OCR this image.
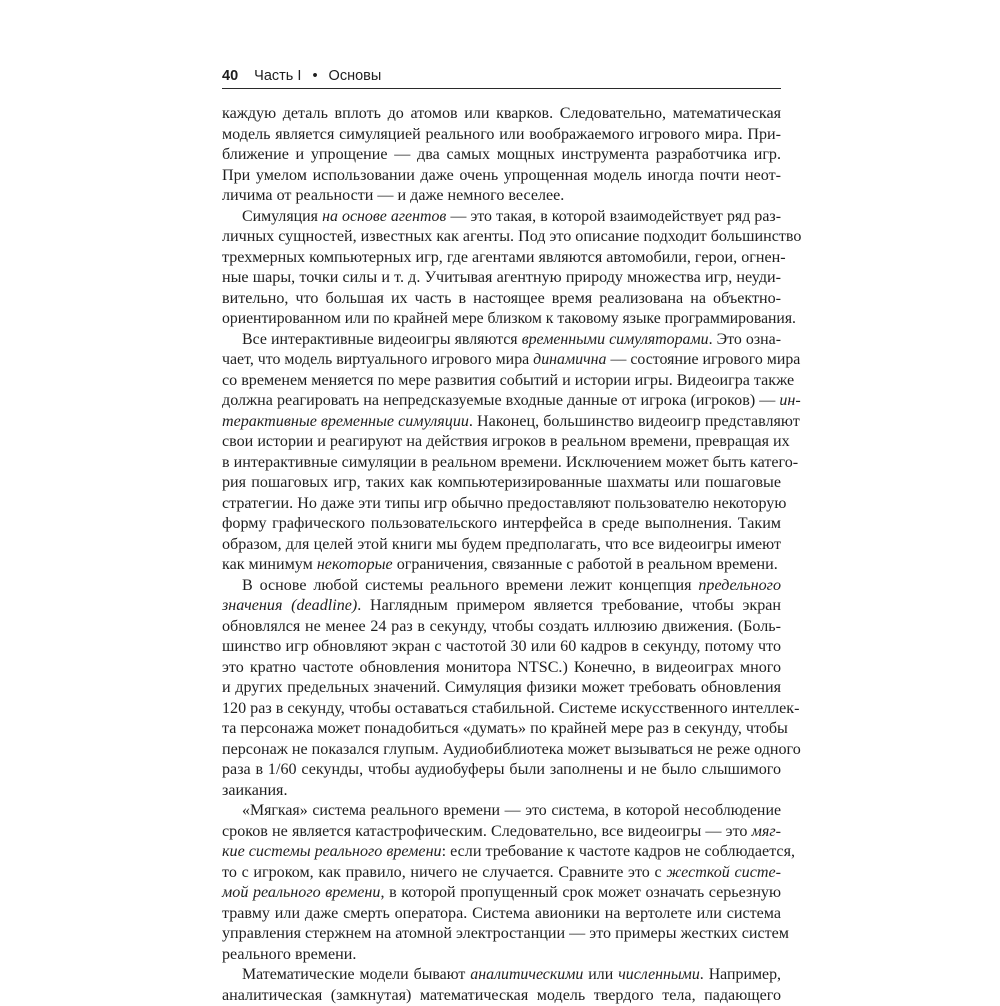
40 Часть I • Основы
каждую деталь вплоть до атомов или кварков. Следовательно, математическая
модель является симуляцией реального или воображаемого игрового мира. При-
ближение и упрощение — два самых мощных инструмента разработчика игр.
При умелом использовании даже очень упрощенная модель иногда почти неот-
личима от реальности — и даже немного веселее.
Симуляция на основе агентов — это такая, в которой взаимодействует ряд раз-
личных сущностей, известных как агенты. Под это описание подходит большинство
трехмерных компьютерных игр, где агентами являются автомобили, герои, огнен-
ные шары, точки силы и т. д. Учитывая агентную природу множества игр, неуди-
вительно, что большая их часть в настоящее время реализована на объектно-
ориентированном или по крайней мере близком к таковому языке программирования.
Все интерактивные видеоигры являются временными симуляторами. Это озна-
чает, что модель виртуального игрового мира динамична — состояние игрового мира
со временем меняется по мере развития событий и истории игры. Видеоигра также
должна реагировать на непредсказуемые входные данные от игрока (игроков) — ин-
терактивные временные симуляции. Наконец, большинство видеоигр представляют
свои истории и реагируют на действия игроков в реальном времени, превращая их
в интерактивные симуляции в реальном времени. Исключением может быть катего-
рия пошаговых игр, таких как компьютеризированные шахматы или пошаговые
стратегии. Но даже эти типы игр обычно предоставляют пользователю некоторую
форму графического пользовательского интерфейса в среде выполнения. Таким
образом, для целей этой книги мы будем предполагать, что все видеоигры имеют
как минимум некоторые ограничения, связанные с работой в реальном времени.
В основе любой системы реального времени лежит концепция предельного
значения (deadline). Наглядным примером является требование, чтобы экран
обновлялся не менее 24 раз в секунду, чтобы создать иллюзию движения. (Боль-
шинство игр обновляют экран с частотой 30 или 60 кадров в секунду, потому что
это кратно частоте обновления монитора NTSC.) Конечно, в видеоиграх много
и других предельных значений. Симуляция физики может требовать обновления
120 раз в секунду, чтобы оставаться стабильной. Системе искусственного интеллек-
та персонажа может понадобиться «думать» по крайней мере раз в секунду, чтобы
персонаж не показался глупым. Аудиобиблиотека может вызываться не реже одного
раза в 1/60 секунды, чтобы аудиобуферы были заполнены и не было слышимого
заикания.
«Мягкая» система реального времени — это система, в которой несоблюдение
сроков не является катастрофическим. Следовательно, все видеоигры — это мяг-
кие системы реального времени: если требование к частоте кадров не соблюдается,
то с игроком, как правило, ничего не случается. Сравните это с жесткой систе-
мой реального времени, в которой пропущенный срок может означать серьезную
травму или даже смерть оператора. Система авионики на вертолете или система
управления стержнем на атомной электростанции — это примеры жестких систем
реального времени.
Математические модели бывают аналитическими или численными. Например,
аналитическая (замкнутая) математическая модель твердого тела, падающего
